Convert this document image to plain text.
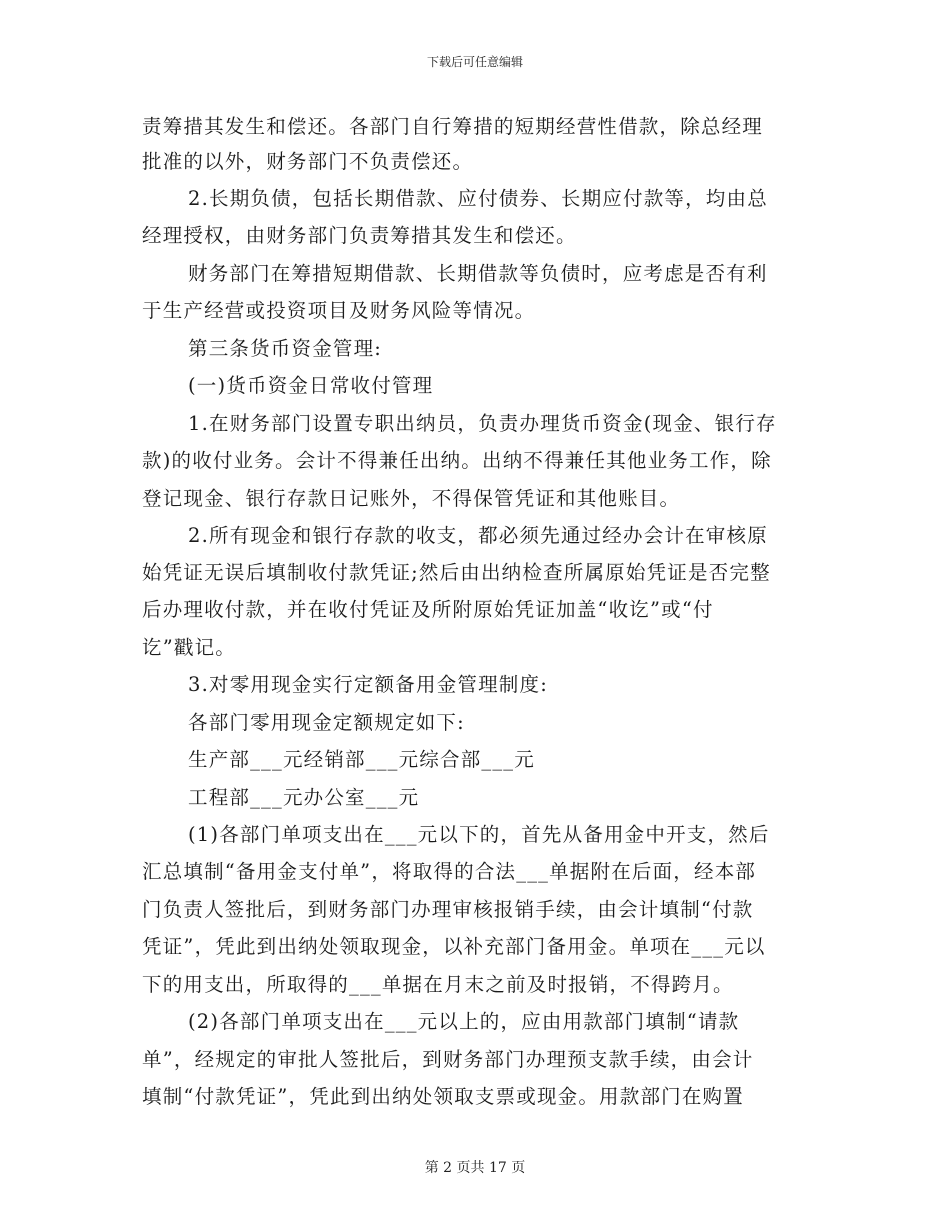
下载后可任意编辑
责筹措其发生和偿还。各部门自行筹措的短期经营性借款，除总经理
批准的以外，财务部门不负责偿还。
2.长期负债，包括长期借款、应付债券、长期应付款等，均由总
经理授权，由财务部门负责筹措其发生和偿还。
财务部门在筹措短期借款、长期借款等负债时，应考虑是否有利
于生产经营或投资项目及财务风险等情况。
第三条货币资金管理:
(一)货币资金日常收付管理
1.在财务部门设置专职出纳员，负责办理货币资金(现金、银行存
款)的收付业务。会计不得兼任出纳。出纳不得兼任其他业务工作，除
登记现金、银行存款日记账外，不得保管凭证和其他账目。
2.所有现金和银行存款的收支，都必须先通过经办会计在审核原
始凭证无误后填制收付款凭证;然后由出纳检查所属原始凭证是否完整
后办理收付款，并在收付凭证及所附原始凭证加盖“收讫”或“付
讫”戳记。
3.对零用现金实行定额备用金管理制度:
各部门零用现金定额规定如下:
生产部___元经销部___元综合部___元
工程部___元办公室___元
(1)各部门单项支出在___元以下的，首先从备用金中开支，然后
汇总填制“备用金支付单”，将取得的合法___单据附在后面，经本部
门负责人签批后，到财务部门办理审核报销手续，由会计填制“付款
凭证”，凭此到出纳处领取现金，以补充部门备用金。单项在___元以
下的用支出，所取得的___单据在月末之前及时报销，不得跨月。
(2)各部门单项支出在___元以上的，应由用款部门填制“请款
单”，经规定的审批人签批后，到财务部门办理预支款手续，由会计
填制“付款凭证”，凭此到出纳处领取支票或现金。用款部门在购置
第 2 页共 17 页
